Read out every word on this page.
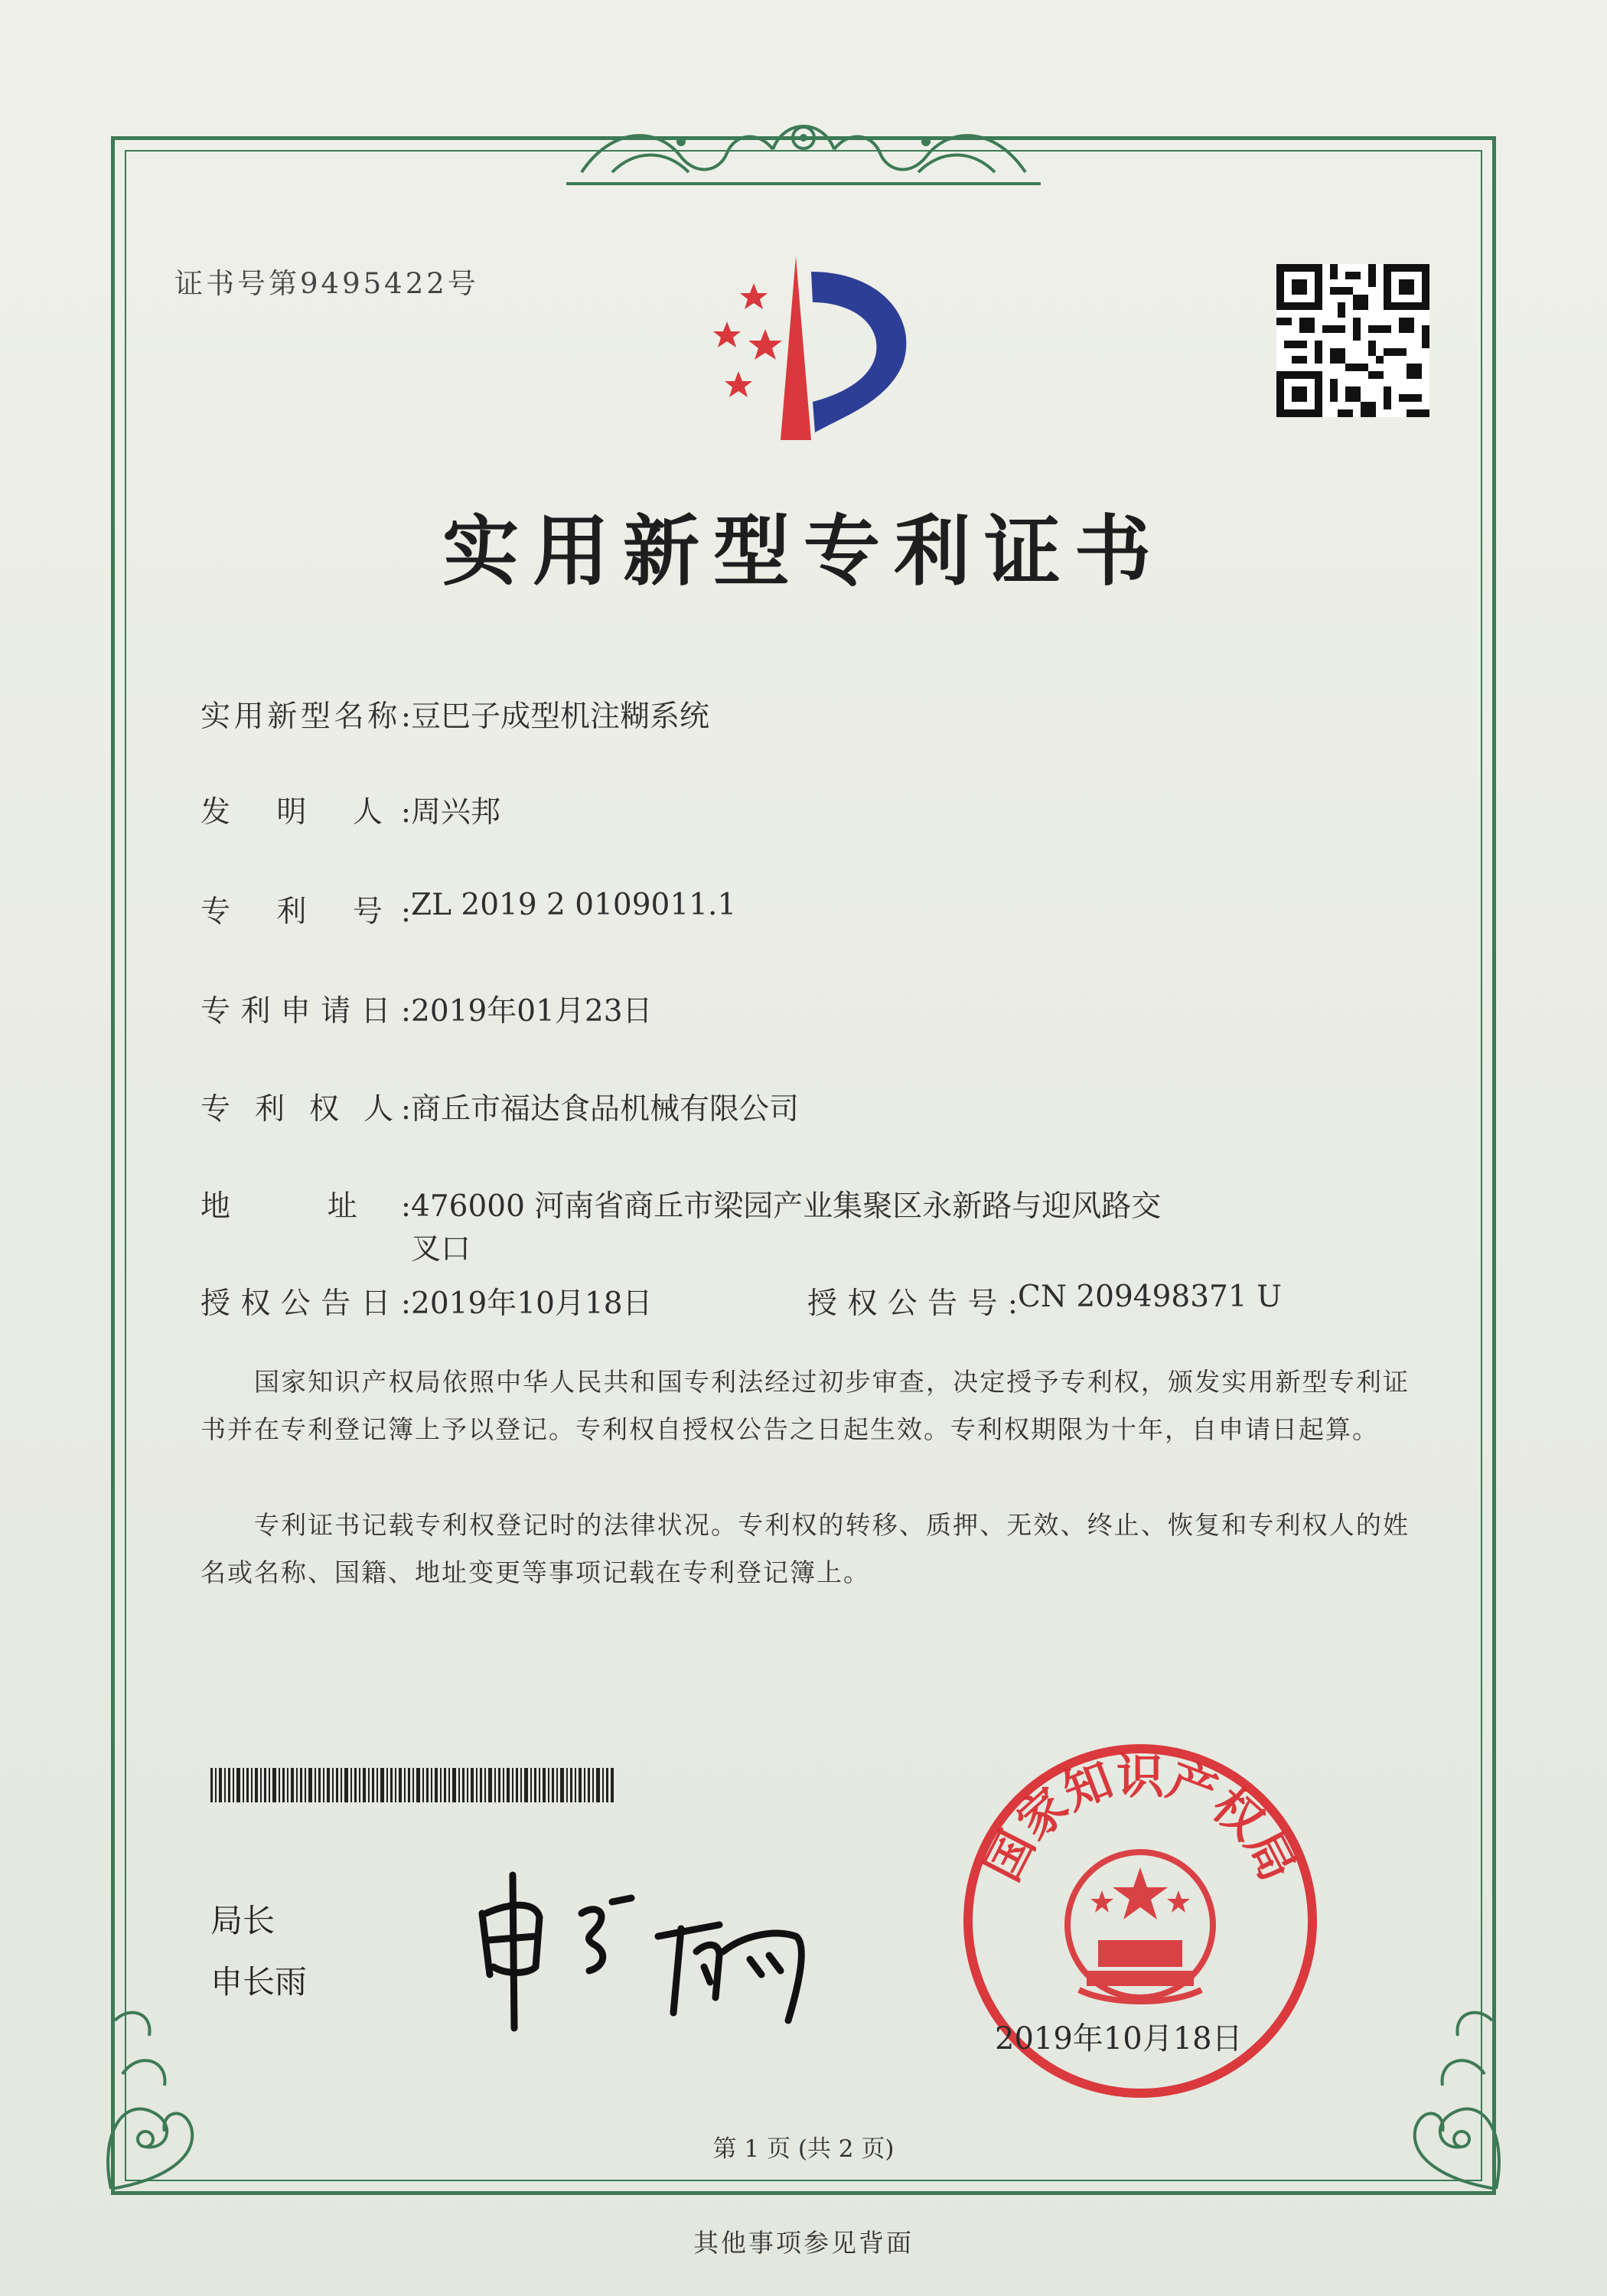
证书号第9495422号
实用新型专利证书
实用新型名称:豆巴子成型机注糊系统
发 明 人:周兴邦
专 利 号:ZL 2019 2 0109011.1
专利申请日:2019年01月23日
专 利 权 人:商丘市福达食品机械有限公司
地 址:476000 河南省商丘市梁园产业集聚区永新路与迎风路交
叉口
授权公告日:2019年10月18日	授权公告号:CN 209498371 U
国家知识产权局依照中华人民共和国专利法经过初步审查，决定授予专利权，颁发实用新型专利证书并在专利登记簿上予以登记。专利权自授权公告之日起生效。专利权期限为十年，自申请日起算。
专利证书记载专利权登记时的法律状况。专利权的转移、质押、无效、终止、恢复和专利权人的姓名或名称、国籍、地址变更等事项记载在专利登记簿上。
局长
申长雨
国家知识产权局
2019年10月18日
第 1 页 (共 2 页)
其他事项参见背面
